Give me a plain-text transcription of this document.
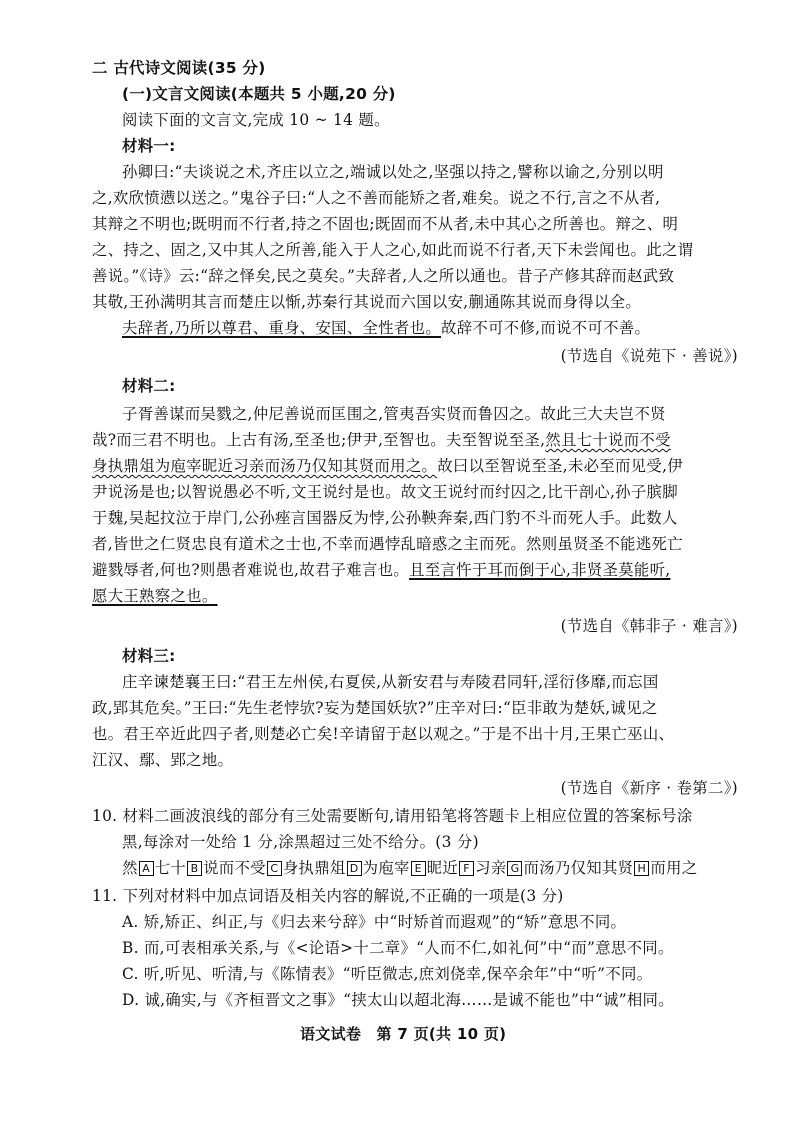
二 古代诗文阅读(35 分)
(一)文言文阅读(本题共 5 小题,20 分)
阅读下面的文言文,完成 10 ~ 14 题。
材料一:
孙卿曰:“夫谈说之术,齐庄以立之,端诚以处之,坚强以持之,譬称以谕之,分别以明
之,欢欣愤懑以送之。”鬼谷子曰:“人之不善而能矫之者,难矣。说之不行,言之不从者,
其辩之不明也;既明而不行者,持之不固也;既固而不从者,未中其心之所善也。辩之、明
之、持之、固之,又中其人之所善,能入于人之心,如此而说不行者,天下未尝闻也。此之谓
善说。”《诗》云:“辞之怿矣,民之莫矣。”夫辞者,人之所以通也。昔子产修其辞而赵武致
其敬,王孙满明其言而楚庄以惭,苏秦行其说而六国以安,蒯通陈其说而身得以全。
夫辞者,乃所以尊君、重身、安国、全性者也。故辞不可不修,而说不可不善。
(节选自《说苑下 · 善说》)
材料二:
子胥善谋而吴戮之,仲尼善说而匡围之,管夷吾实贤而鲁囚之。故此三大夫岂不贤
哉?而三君不明也。上古有汤,至圣也;伊尹,至智也。夫至智说至圣,然且七十说而不受
身执鼎俎为庖宰昵近习亲而汤乃仅知其贤而用之。故曰以至智说至圣,未必至而见受,伊
尹说汤是也;以智说愚必不听,文王说纣是也。故文王说纣而纣囚之,比干剖心,孙子膑脚
于魏,吴起抆泣于岸门,公孙痤言国器反为悖,公孙鞅奔秦,西门豹不斗而死人手。此数人
者,皆世之仁贤忠良有道术之士也,不幸而遇悖乱暗惑之主而死。然则虽贤圣不能逃死亡
避戮辱者,何也?则愚者难说也,故君子难言也。且至言忤于耳而倒于心,非贤圣莫能听,
愿大王熟察之也。
(节选自《韩非子 · 难言》)
材料三:
庄辛谏楚襄王曰:“君王左州侯,右夏侯,从新安君与寿陵君同轩,淫衍侈靡,而忘国
政,郢其危矣。”王曰:“先生老悖欤?妄为楚国妖欤?”庄辛对曰:“臣非敢为楚妖,诚见之
也。君王卒近此四子者,则楚必亡矣!辛请留于赵以观之。”于是不出十月,王果亡巫山、
江汉、鄢、郢之地。
(节选自《新序 · 卷第二》)
10. 材料二画波浪线的部分有三处需要断句,请用铅笔将答题卡上相应位置的答案标号涂
黑,每涂对一处给 1 分,涂黑超过三处不给分。(3 分)
然 A 七十 B 说而不受 C 身执鼎俎 D 为庖宰 E 昵近 F 习亲 G 而汤乃仅知其贤 H 而用之
11. 下列对材料中加点词语及相关内容的解说,不正确的一项是(3 分)
A. 矫,矫正、纠正,与《归去来兮辞》中“时矫首而遐观”的“矫”意思不同。
B. 而,可表相承关系,与《<论语>十二章》“人而不仁,如礼何”中“而”意思不同。
C. 听,听见、听清,与《陈情表》“听臣微志,庶刘侥幸,保卒余年”中“听”不同。
D. 诚,确实,与《齐桓晋文之事》“挟太山以超北海……是诚不能也”中“诚”相同。
语文试卷　第 7 页(共 10 页)
